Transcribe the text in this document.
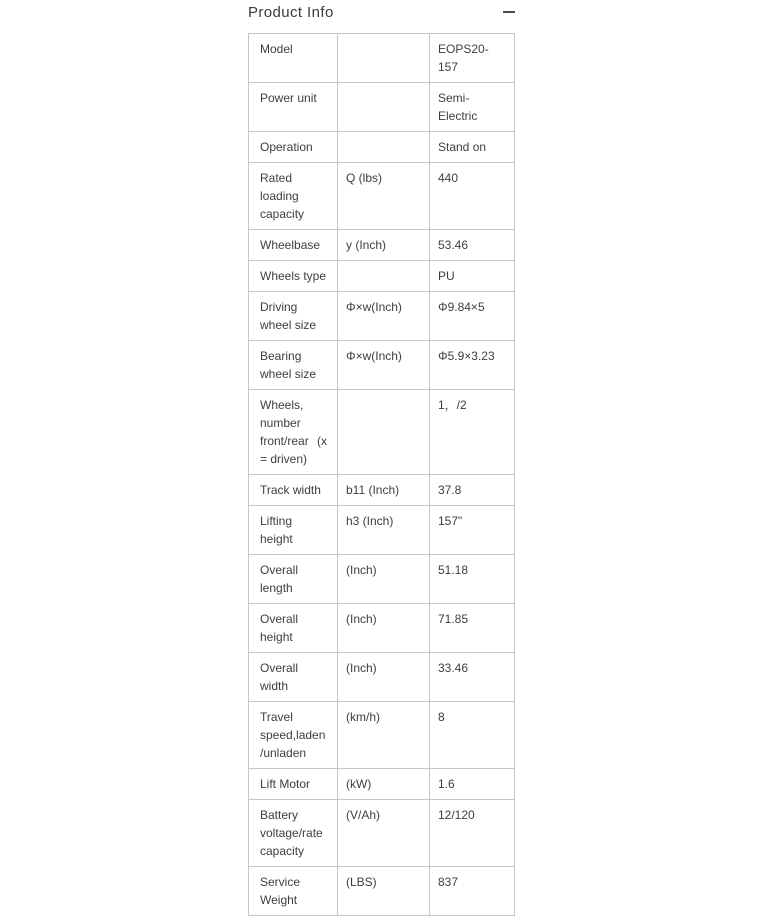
Product Info
Model		EOPS20-157
Power unit		Semi-Electric
Operation		Stand on
Rated loading capacity	Q (lbs)	440
Wheelbase	y (Inch)	53.46
Wheels type		PU
Driving wheel size	Φ×w(Inch)	Φ9.84×5
Bearing wheel size	Φ×w(Inch)	Φ5.9×3.23
Wheels, number front/rear (x = driven)		1，/2
Track width	b11 (Inch)	37.8
Lifting height	h3 (Inch)	157"
Overall length	(Inch)	51.18
Overall height	(Inch)	71.85
Overall width	(Inch)	33.46
Travel speed,laden/unladen	(km/h)	8
Lift Motor	(kW)	1.6
Battery voltage/rate capacity	(V/Ah)	12/120
Service Weight	(LBS)	837
